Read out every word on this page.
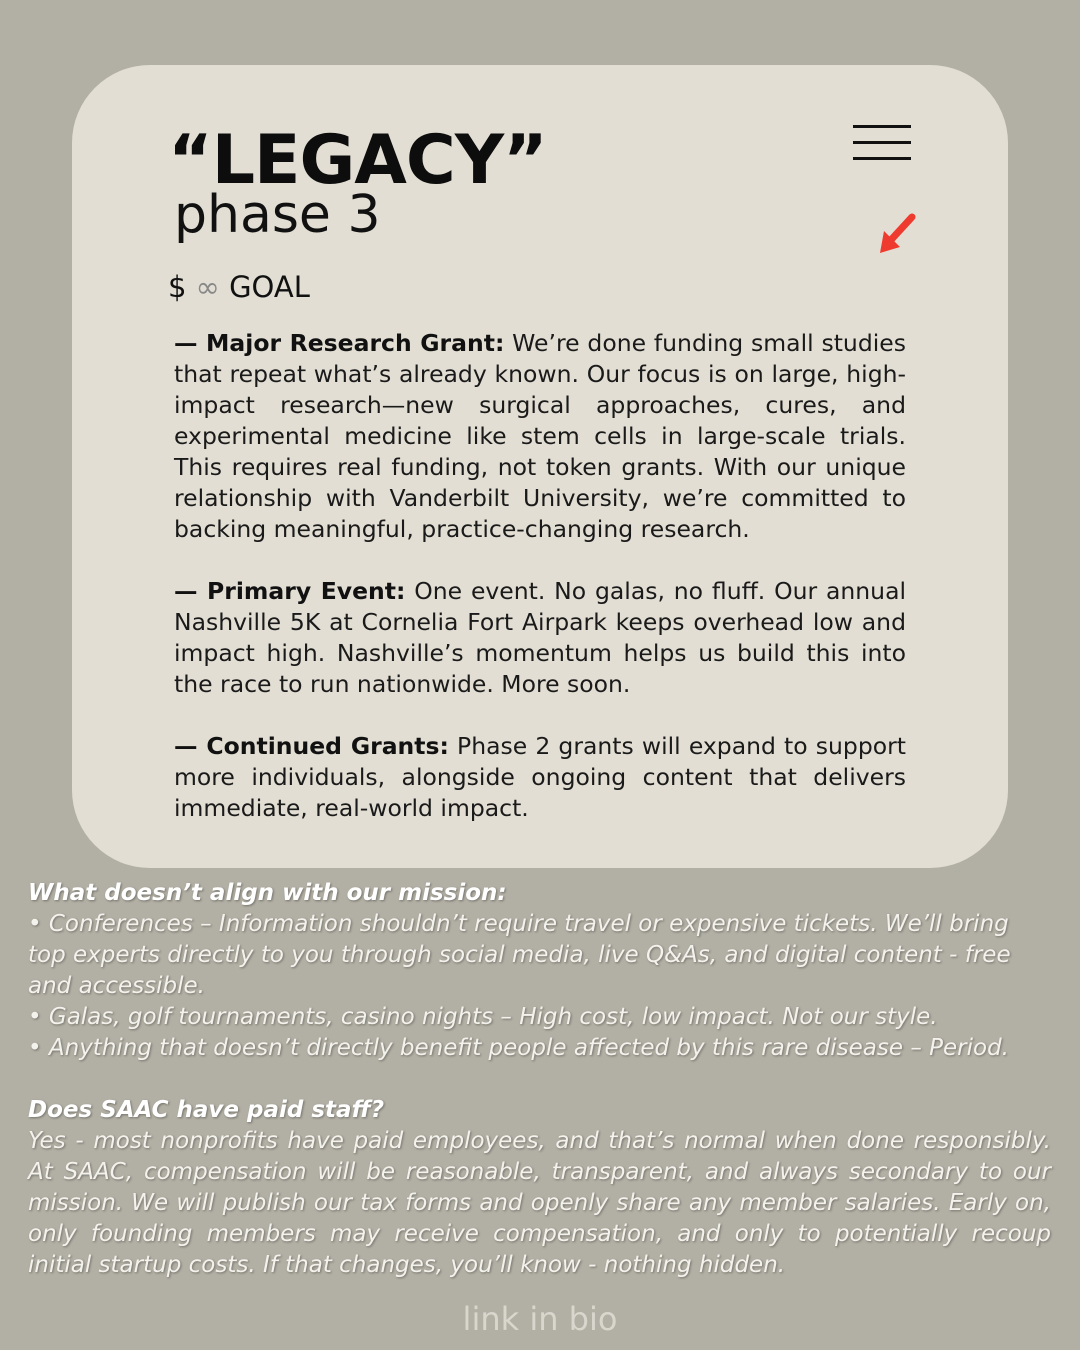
“LEGACY”
phase 3
$ ∞ GOAL

— Major Research Grant: We’re done funding small studies that repeat what’s already known. Our focus is on large, high-impact research—new surgical approaches, cures, and experimental medicine like stem cells in large-scale trials. This requires real funding, not token grants. With our unique relationship with Vanderbilt University, we’re committed to backing meaningful, practice-changing research.

— Primary Event: One event. No galas, no fluff. Our annual Nashville 5K at Cornelia Fort Airpark keeps overhead low and impact high. Nashville’s momentum helps us build this into the race to run nationwide. More soon.

— Continued Grants: Phase 2 grants will expand to support more individuals, alongside ongoing content that delivers immediate, real-world impact.

What doesn’t align with our mission:
• Conferences – Information shouldn’t require travel or expensive tickets. We’ll bring top experts directly to you through social media, live Q&As, and digital content - free and accessible.
• Galas, golf tournaments, casino nights – High cost, low impact. Not our style.
• Anything that doesn’t directly benefit people affected by this rare disease – Period.
Does SAAC have paid staff?
Yes - most nonprofits have paid employees, and that’s normal when done responsibly. At SAAC, compensation will be reasonable, transparent, and always secondary to our mission. We will publish our tax forms and openly share any member salaries. Early on, only founding members may receive compensation, and only to potentially recoup initial startup costs. If that changes, you’ll know - nothing hidden.
link in bio
